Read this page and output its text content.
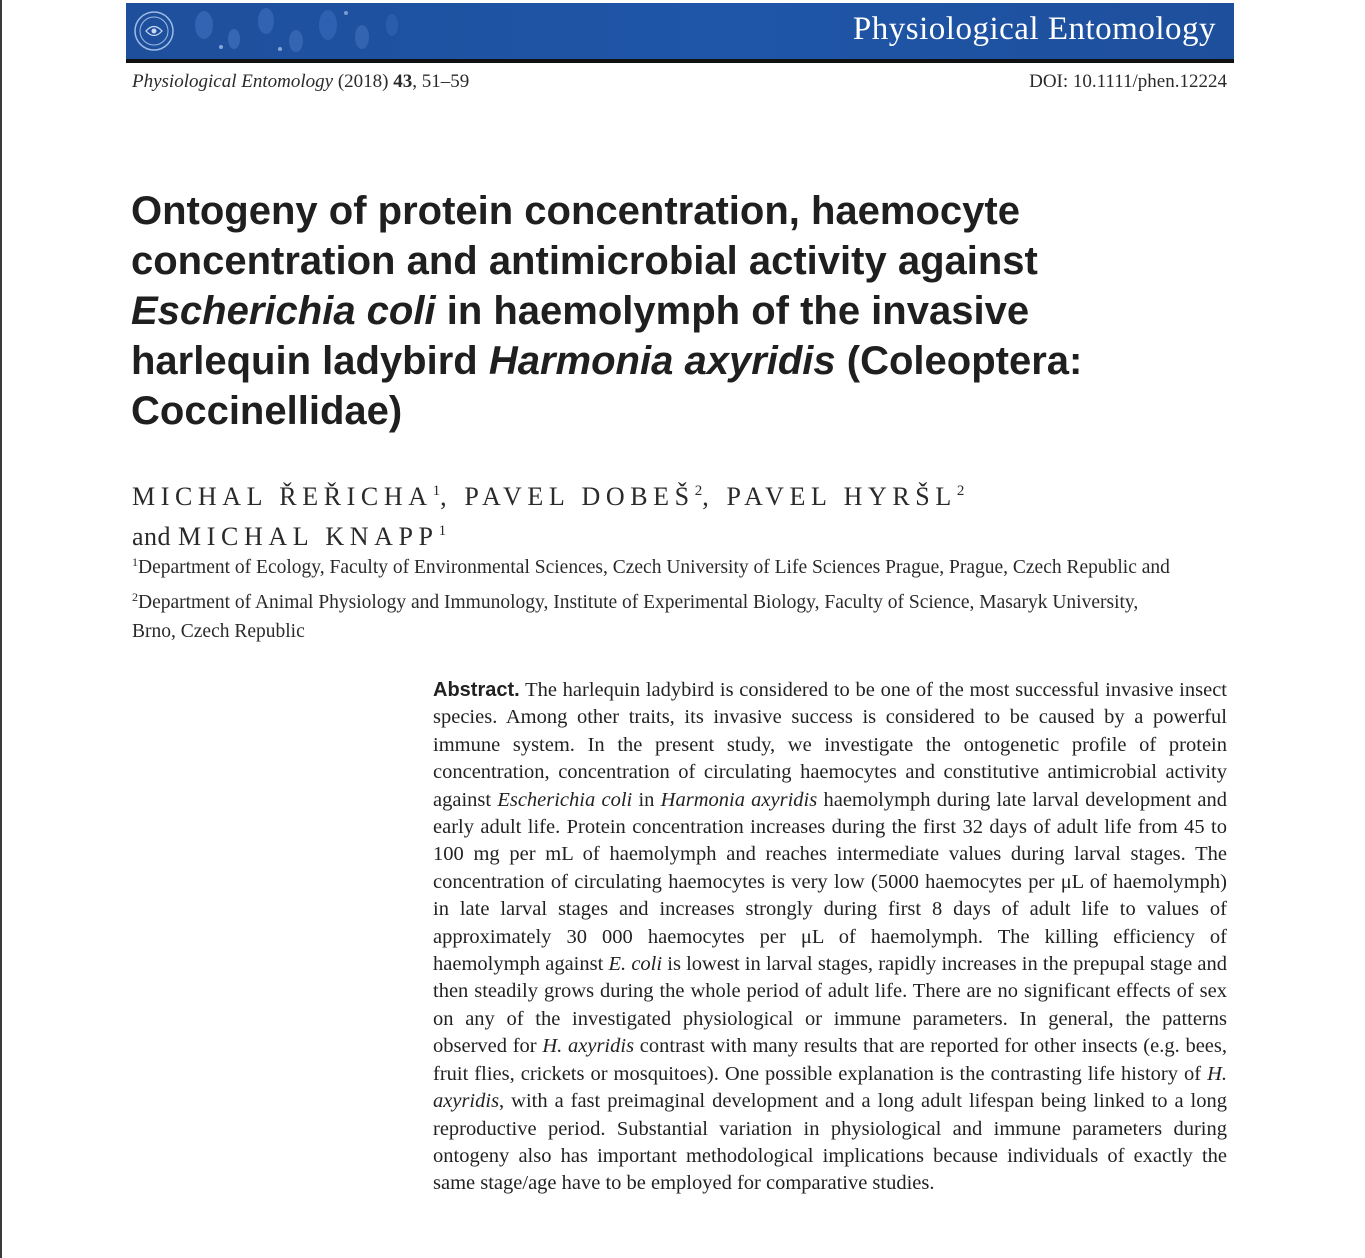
Physiological Entomology
Physiological Entomology (2018) 43, 51–59	DOI: 10.1111/phen.12224
Ontogeny of protein concentration, haemocyte concentration and antimicrobial activity against Escherichia coli in haemolymph of the invasive harlequin ladybird Harmonia axyridis (Coleoptera: Coccinellidae)
MICHAL ŘEŘICHA$^1$, PAVEL DOBEŠ$^2$, PAVEL HYRŠL$^2$
and MICHAL KNAPP$^1$
$^1$Department of Ecology, Faculty of Environmental Sciences, Czech University of Life Sciences Prague, Prague, Czech Republic and
$^2$Department of Animal Physiology and Immunology, Institute of Experimental Biology, Faculty of Science, Masaryk University,
Brno, Czech Republic

Abstract. The harlequin ladybird is considered to be one of the most successful invasive insect species. Among other traits, its invasive success is considered to be caused by a powerful immune system. In the present study, we investigate the ontogenetic profile of protein concentration, concentration of circulating haemocytes and constitutive antimicrobial activity against Escherichia coli in Harmonia axyridis haemolymph during late larval development and early adult life. Protein concentration increases during the first 32 days of adult life from 45 to 100 mg per mL of haemolymph and reaches intermediate values during larval stages. The concentration of circulating haemocytes is very low (5000 haemocytes per μL of haemolymph) in late larval stages and increases strongly during first 8 days of adult life to values of approximately 30 000 haemocytes per μL of haemolymph. The killing efficiency of haemolymph against E. coli is lowest in larval stages, rapidly increases in the prepupal stage and then steadily grows during the whole period of adult life. There are no significant effects of sex on any of the investigated physiological or immune parameters. In general, the patterns observed for H. axyridis contrast with many results that are reported for other insects (e.g. bees, fruit flies, crickets or mosquitoes). One possible explanation is the contrasting life history of H. axyridis, with a fast preimaginal development and a long adult lifespan being linked to a long reproductive period. Substantial variation in physiological and immune parameters during ontogeny also has important methodological implications because individuals of exactly the same stage/age have to be employed for comparative studies.
